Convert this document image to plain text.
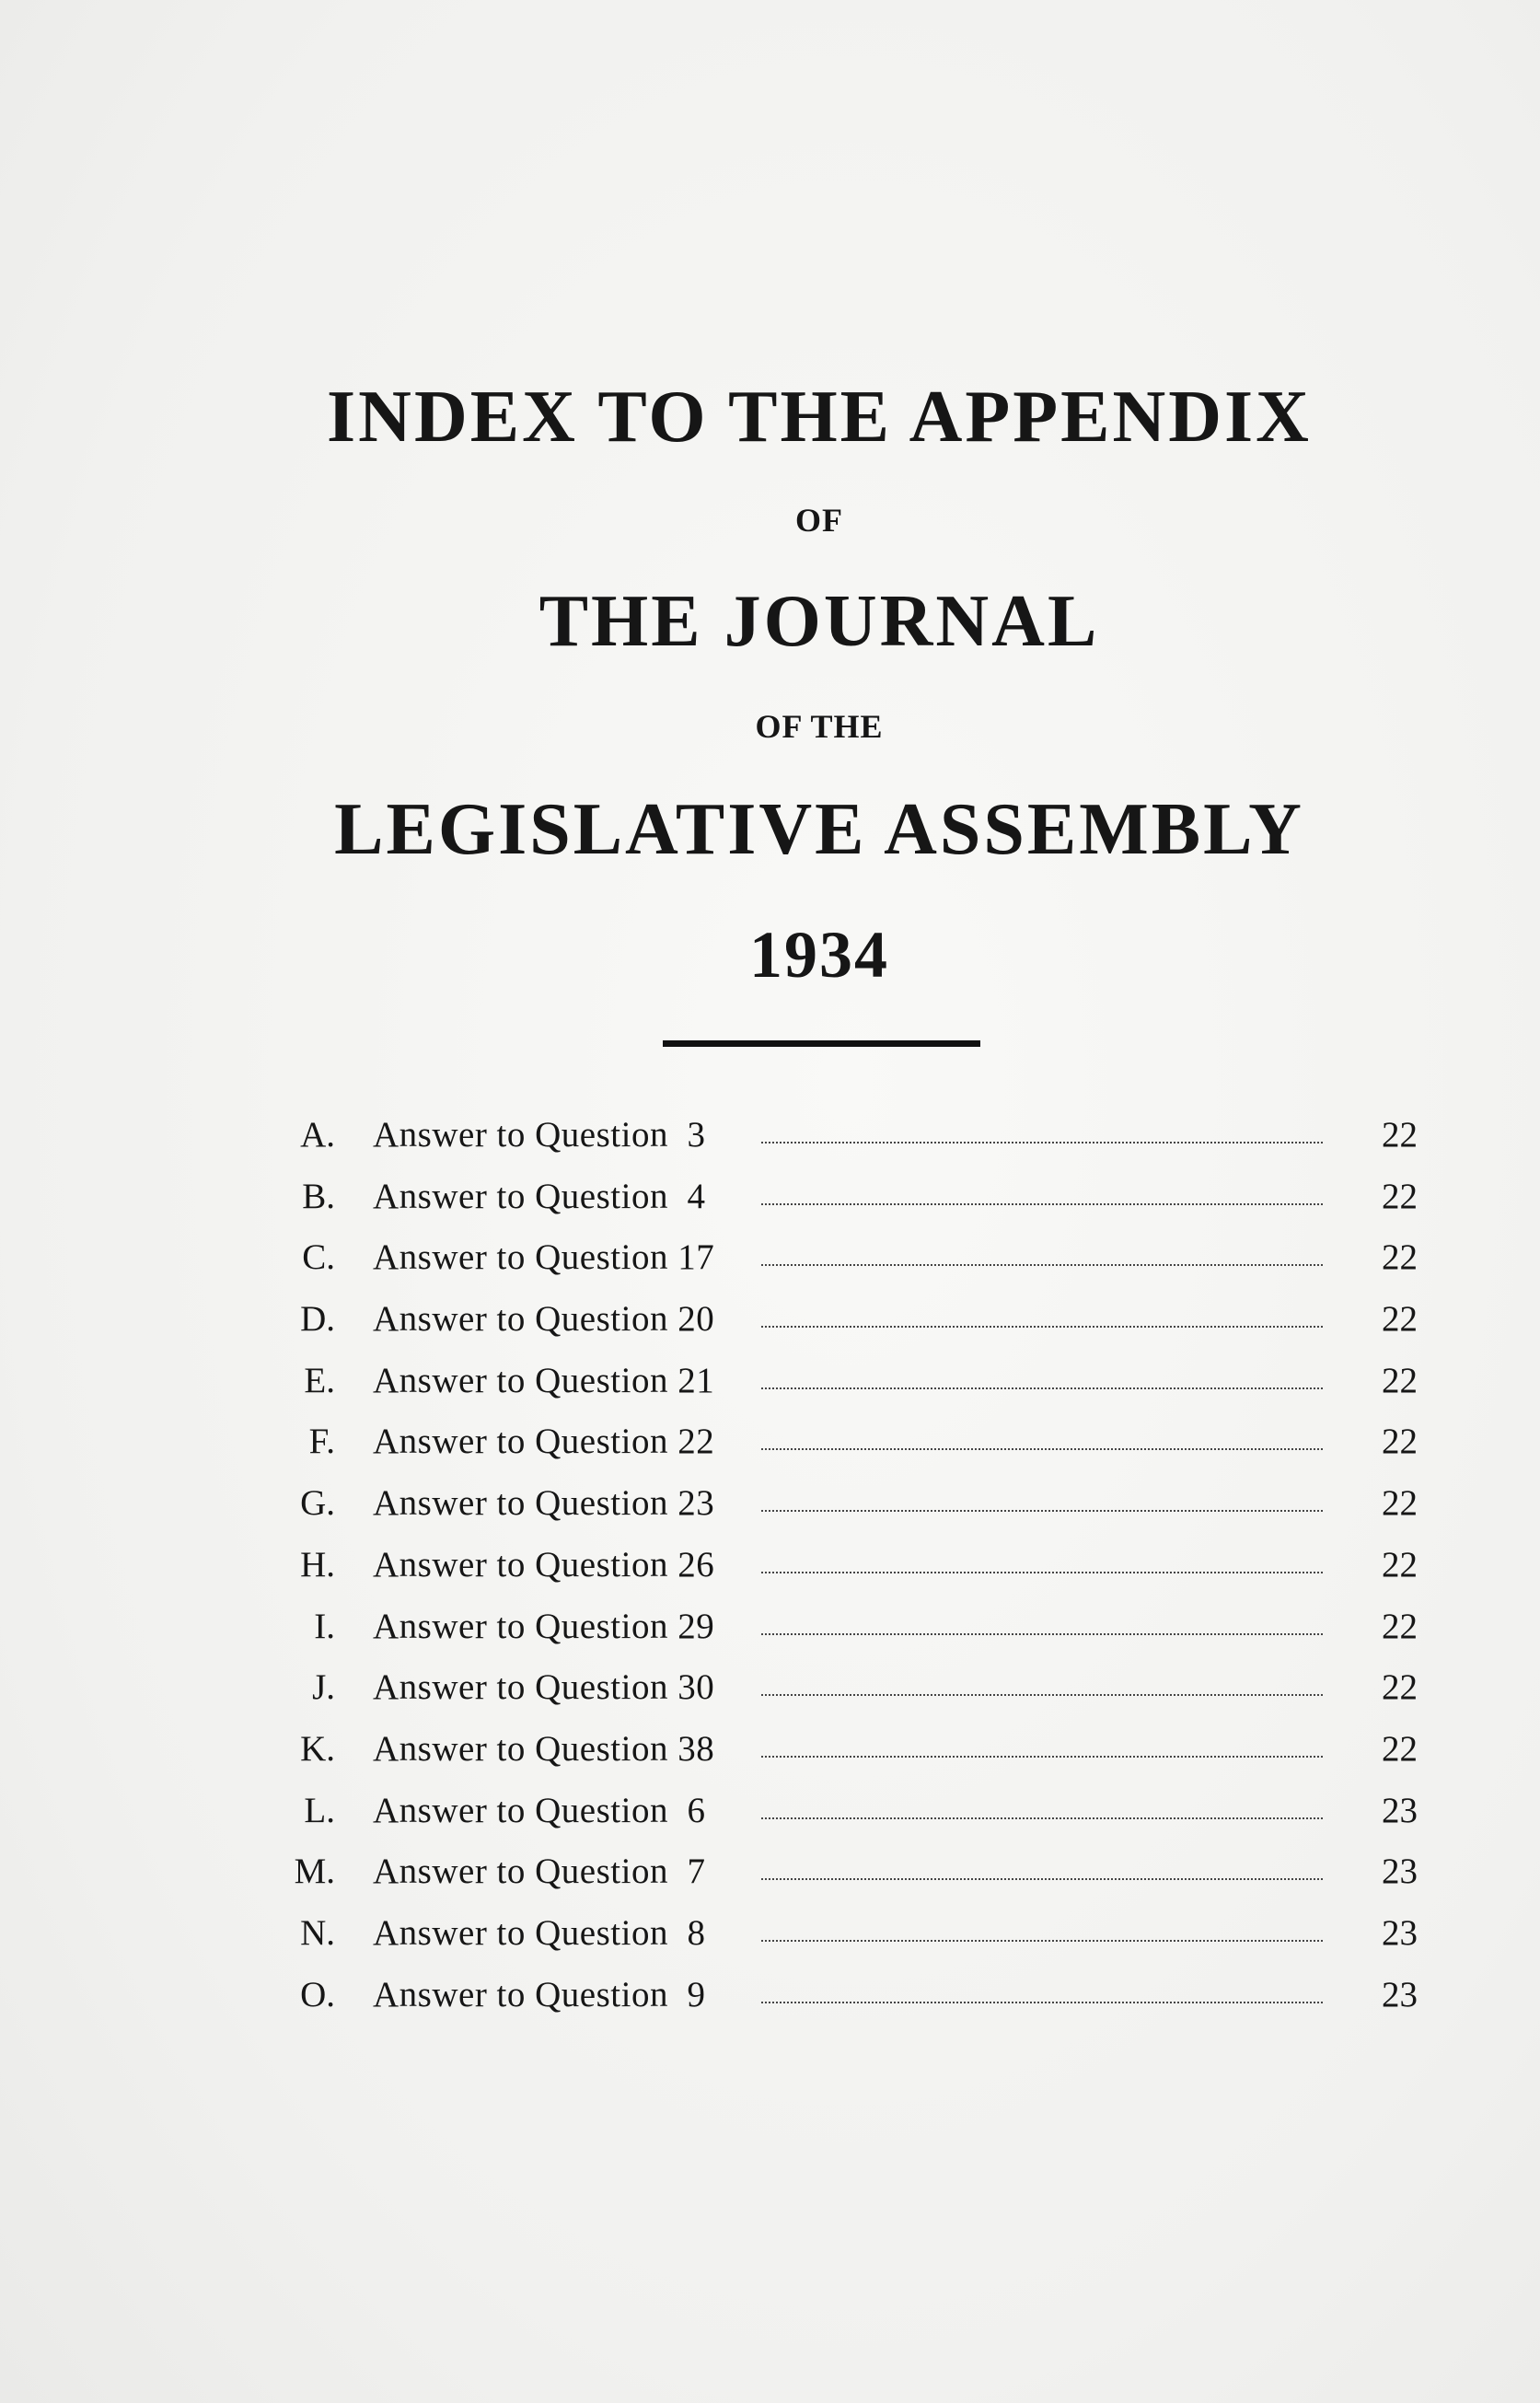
INDEX TO THE APPENDIX
OF
THE JOURNAL
OF THE
LEGISLATIVE ASSEMBLY
1934
A. Answer to Question  3	22
B. Answer to Question  4	22
C. Answer to Question 17	22
D. Answer to Question 20	22
E. Answer to Question 21	22
F. Answer to Question 22	22
G. Answer to Question 23	22
H. Answer to Question 26	22
I. Answer to Question 29	22
J. Answer to Question 30	22
K. Answer to Question 38	22
L. Answer to Question  6	23
M. Answer to Question  7	23
N. Answer to Question  8	23
O. Answer to Question  9	23
